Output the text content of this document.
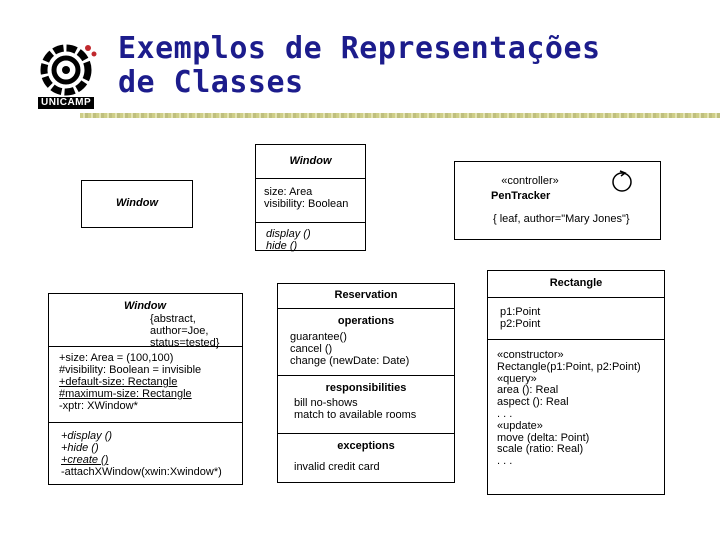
UNICAMP
Exemplos de Representações
de Classes
Window
Window
size: Area
visibility: Boolean
display ()
hide ()
«controller»
PenTracker
{ leaf, author="Mary Jones"}
Window
{abstract,
author=Joe,
status=tested}
+size: Area = (100,100)
#visibility: Boolean = invisible
+default-size: Rectangle
#maximum-size: Rectangle
-xptr: XWindow*
+display ()
+hide ()
+create ()
-attachXWindow(xwin:Xwindow*)
Reservation
operations
guarantee()
cancel ()
change (newDate: Date)
responsibilities
bill no-shows
match to available rooms
exceptions
invalid credit card
Rectangle
p1:Point
p2:Point
«constructor»
Rectangle(p1:Point, p2:Point)
«query»
area (): Real
aspect (): Real
. . .
«update»
move (delta: Point)
scale (ratio: Real)
. . .
